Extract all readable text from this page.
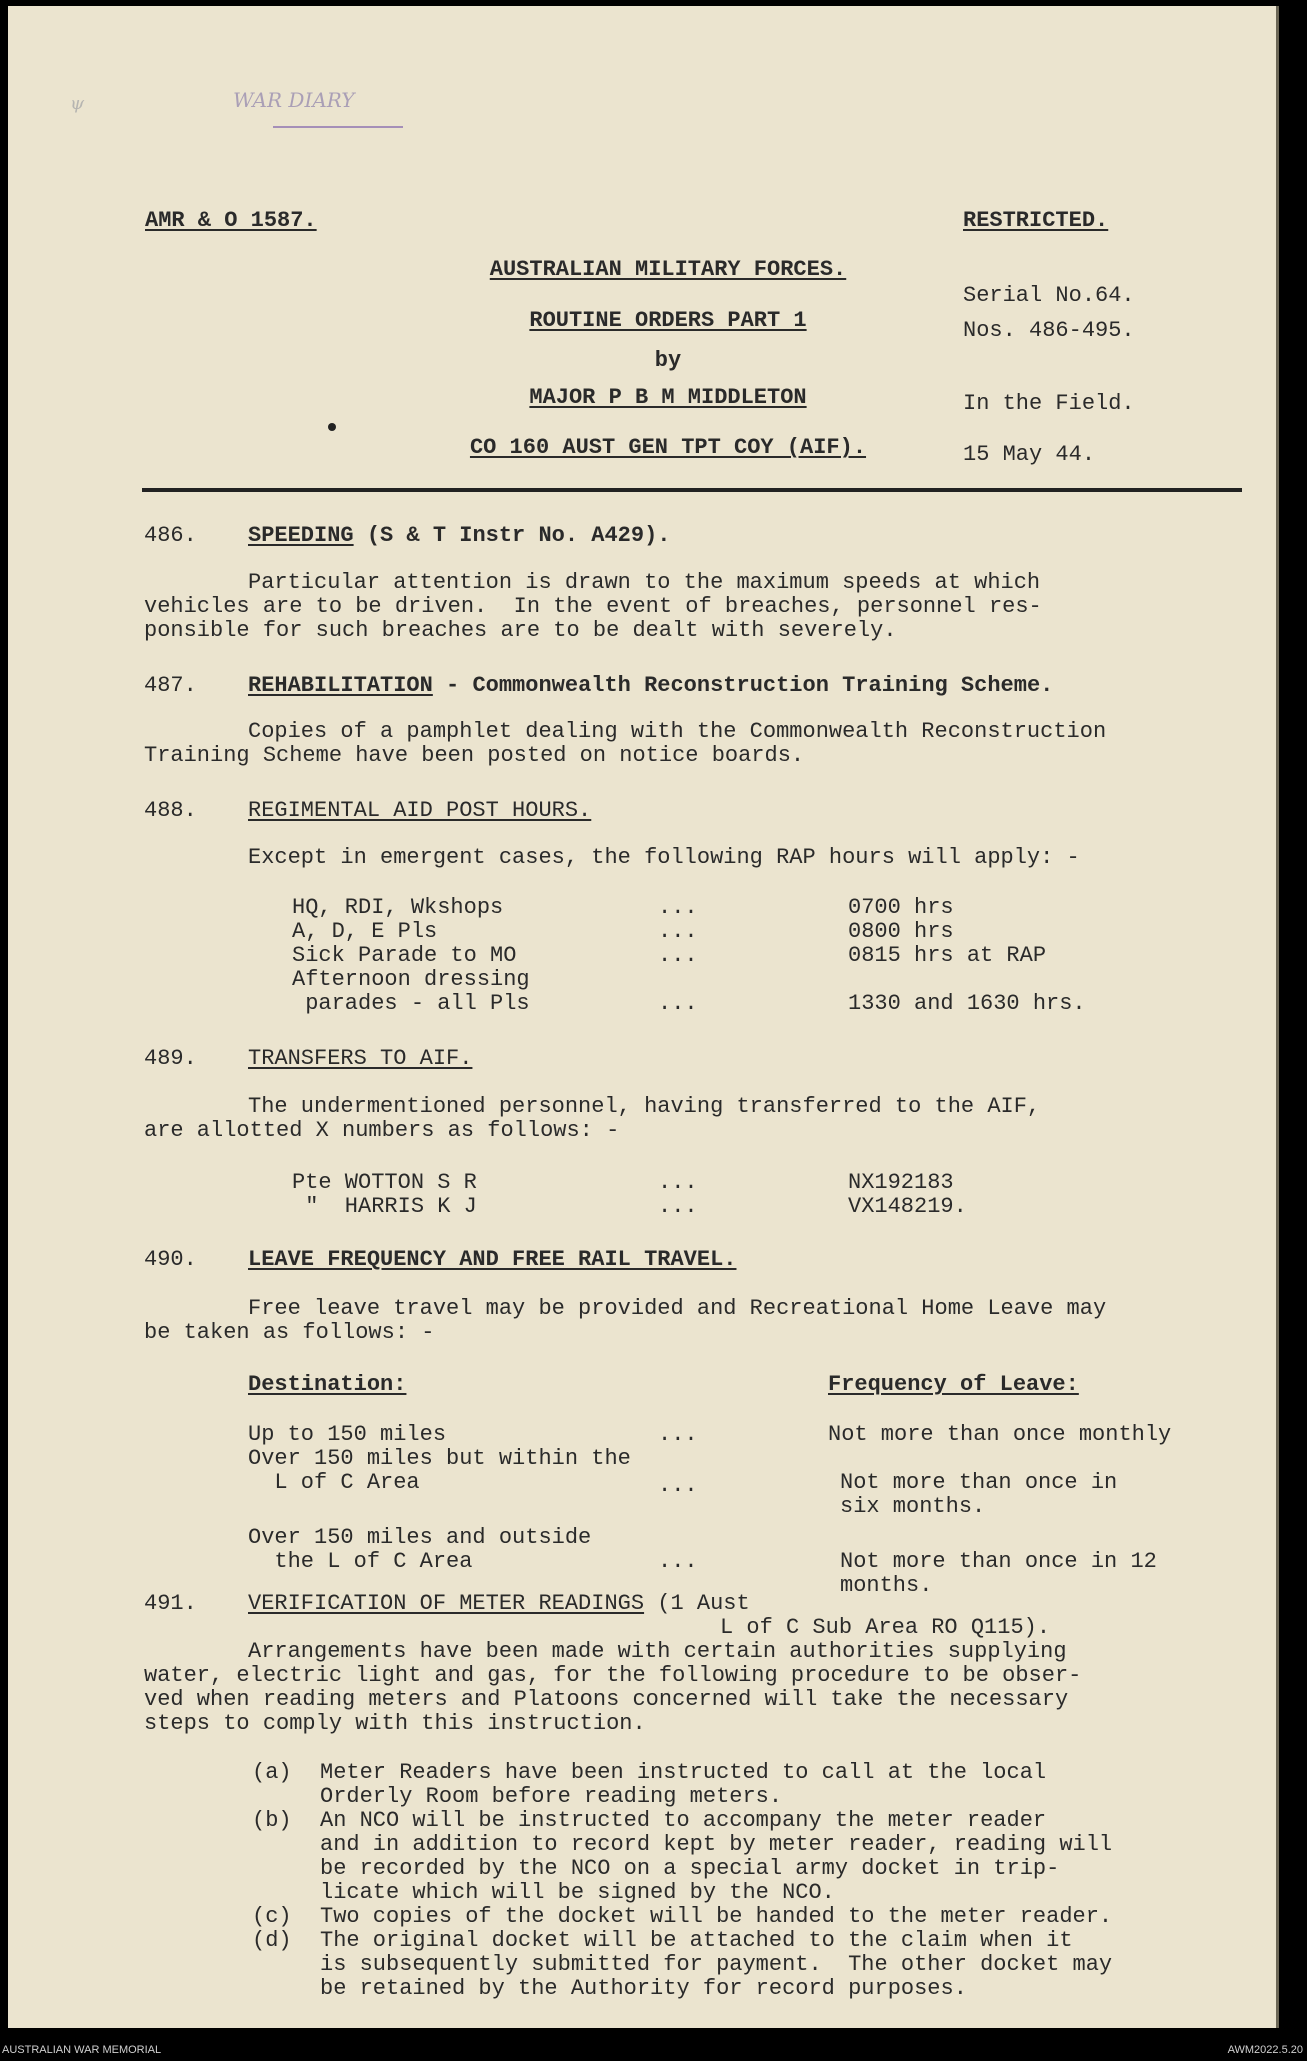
ψ	WAR DIARY
AMR & O 1587.	RESTRICTED.
AUSTRALIAN MILITARY FORCES.
ROUTINE ORDERS PART 1
by
MAJOR P B M MIDDLETON
CO 160 AUST GEN TPT COY (AIF).
Serial No.64.
Nos. 486-495.
In the Field.
15 May 44.
486. SPEEDING (S & T Instr No. A429).
Particular attention is drawn to the maximum speeds at which
vehicles are to be driven.  In the event of breaches, personnel res-
ponsible for such breaches are to be dealt with severely.
487. REHABILITATION - Commonwealth Reconstruction Training Scheme.
Copies of a pamphlet dealing with the Commonwealth Reconstruction
Training Scheme have been posted on notice boards.
488. REGIMENTAL AID POST HOURS.
Except in emergent cases, the following RAP hours will apply: -
HQ, RDI, Wkshops	...	0700 hrs
A, D, E Pls	...	0800 hrs
Sick Parade to MO	...	0815 hrs at RAP
Afternoon dressing
parades - all Pls	...	1330 and 1630 hrs.
489. TRANSFERS TO AIF.
The undermentioned personnel, having transferred to the AIF,
are allotted X numbers as follows: -
Pte WOTTON S R	...	NX192183
"  HARRIS K J	...	VX148219.
490. LEAVE FREQUENCY AND FREE RAIL TRAVEL.
Free leave travel may be provided and Recreational Home Leave may
be taken as follows: -
Destination:	Frequency of Leave:
Up to 150 miles	...	Not more than once monthly
Over 150 miles but within the
L of C Area	...	Not more than once in
six months.
Over 150 miles and outside
the L of C Area	...	Not more than once in 12
months.
491. VERIFICATION OF METER READINGS (1 Aust
L of C Sub Area RO Q115).
Arrangements have been made with certain authorities supplying
water, electric light and gas, for the following procedure to be obser-
ved when reading meters and Platoons concerned will take the necessary
steps to comply with this instruction.
(a) Meter Readers have been instructed to call at the local
Orderly Room before reading meters.
(b) An NCO will be instructed to accompany the meter reader
and in addition to record kept by meter reader, reading will
be recorded by the NCO on a special army docket in trip-
licate which will be signed by the NCO.
(c) Two copies of the docket will be handed to the meter reader.
(d) The original docket will be attached to the claim when it
is subsequently submitted for payment.  The other docket may
be retained by the Authority for record purposes.
AUSTRALIAN WAR MEMORIAL	AWM2022.5.20
